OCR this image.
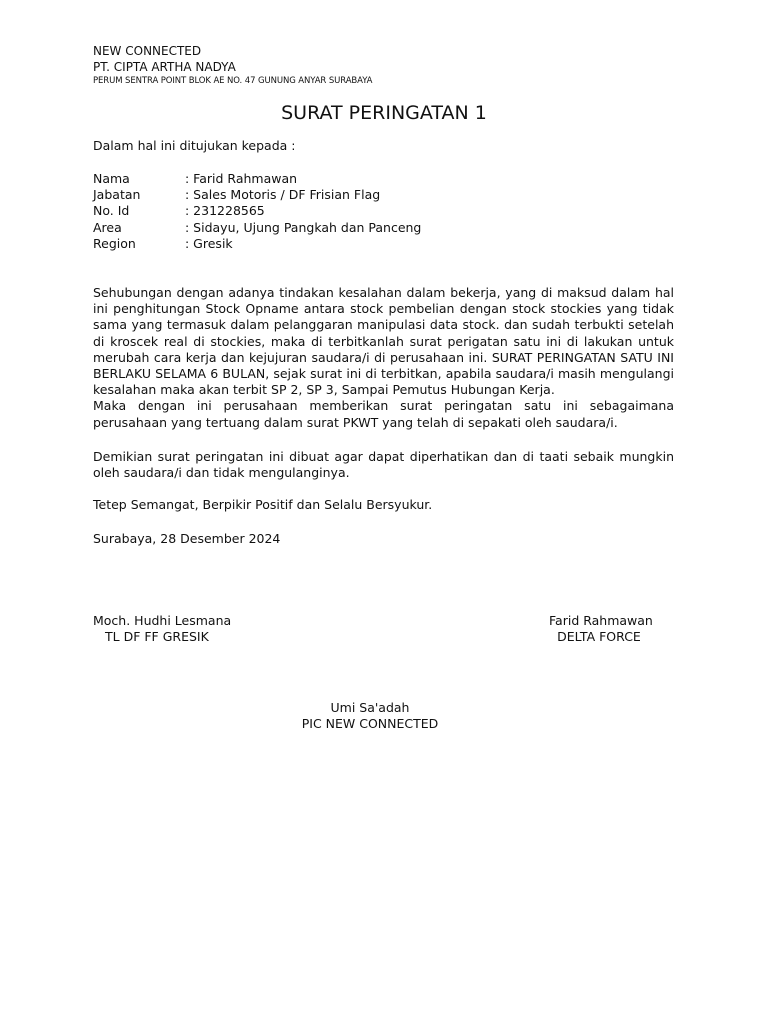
NEW CONNECTED
PT. CIPTA ARTHA NADYA
PERUM SENTRA POINT BLOK AE NO. 47 GUNUNG ANYAR SURABAYA
SURAT PERINGATAN 1
Dalam hal ini ditujukan kepada :
Nama	: Farid Rahmawan
Jabatan	: Sales Motoris / DF Frisian Flag
No. Id	: 231228565
Area	: Sidayu, Ujung Pangkah dan Panceng
Region	: Gresik

Sehubungan dengan adanya tindakan kesalahan dalam bekerja, yang di maksud dalam hal ini penghitungan Stock Opname antara stock pembelian dengan stock stockies yang tidak sama yang termasuk dalam pelanggaran manipulasi data stock. dan sudah terbukti setelah di kroscek real di stockies, maka di terbitkanlah surat perigatan satu ini di lakukan untuk merubah cara kerja dan kejujuran saudara/i di perusahaan ini. SURAT PERINGATAN SATU INI BERLAKU SELAMA 6 BULAN, sejak surat ini di terbitkan, apabila saudara/i masih mengulangi kesalahan maka akan terbit SP 2, SP 3, Sampai Pemutus Hubungan Kerja.

Maka dengan ini perusahaan memberikan surat peringatan satu ini sebagaimana perusahaan yang tertuang dalam surat PKWT yang telah di sepakati oleh saudara/i.

Demikian surat peringatan ini dibuat agar dapat diperhatikan dan di taati sebaik mungkin oleh saudara/i dan tidak mengulanginya.

Tetep Semangat, Berpikir Positif dan Selalu Bersyukur.
Surabaya, 28 Desember 2024
Moch. Hudhi Lesmana
TL DF FF GRESIK
Farid Rahmawan
DELTA FORCE
Umi Sa'adah
PIC NEW CONNECTED
